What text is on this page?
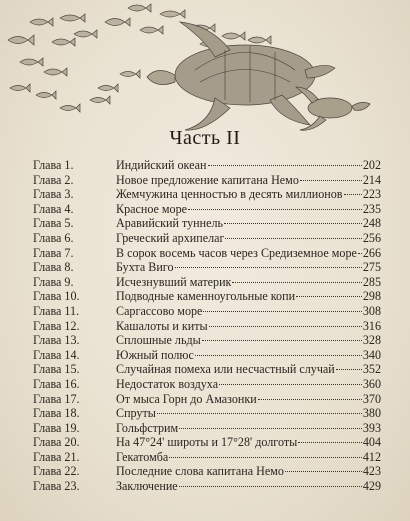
Часть II
Глава 1.	Индийский океан	202
Глава 2.	Новое предложение капитана Немо	214
Глава 3.	Жемчужина ценностью в десять миллионов 223
Глава 4.	Красное море	235
Глава 5.	Аравийский туннель	248
Глава 6.	Греческий архипелаг	256
Глава 7.	В сорок восемь часов через Средиземное море 266
Глава 8.	Бухта Виго	275
Глава 9.	Исчезнувший материк	285
Глава 10.	Подводные каменноугольные копи	298
Глава 11.	Саргассово море	308
Глава 12.	Кашалоты и киты	316
Глава 13.	Сплошные льды	328
Глава 14.	Южный полюс	340
Глава 15.	Случайная помеха или несчастный случай 352
Глава 16.	Недостаток воздуха	360
Глава 17.	От мыса Горн до Амазонки	370
Глава 18.	Спруты	380
Глава 19.	Гольфстрим	393
Глава 20.	На 47°24' широты и 17°28' долготы	404
Глава 21.	Гекатомба	412
Глава 22.	Последние слова капитана Немо	423
Глава 23.	Заключение	429
